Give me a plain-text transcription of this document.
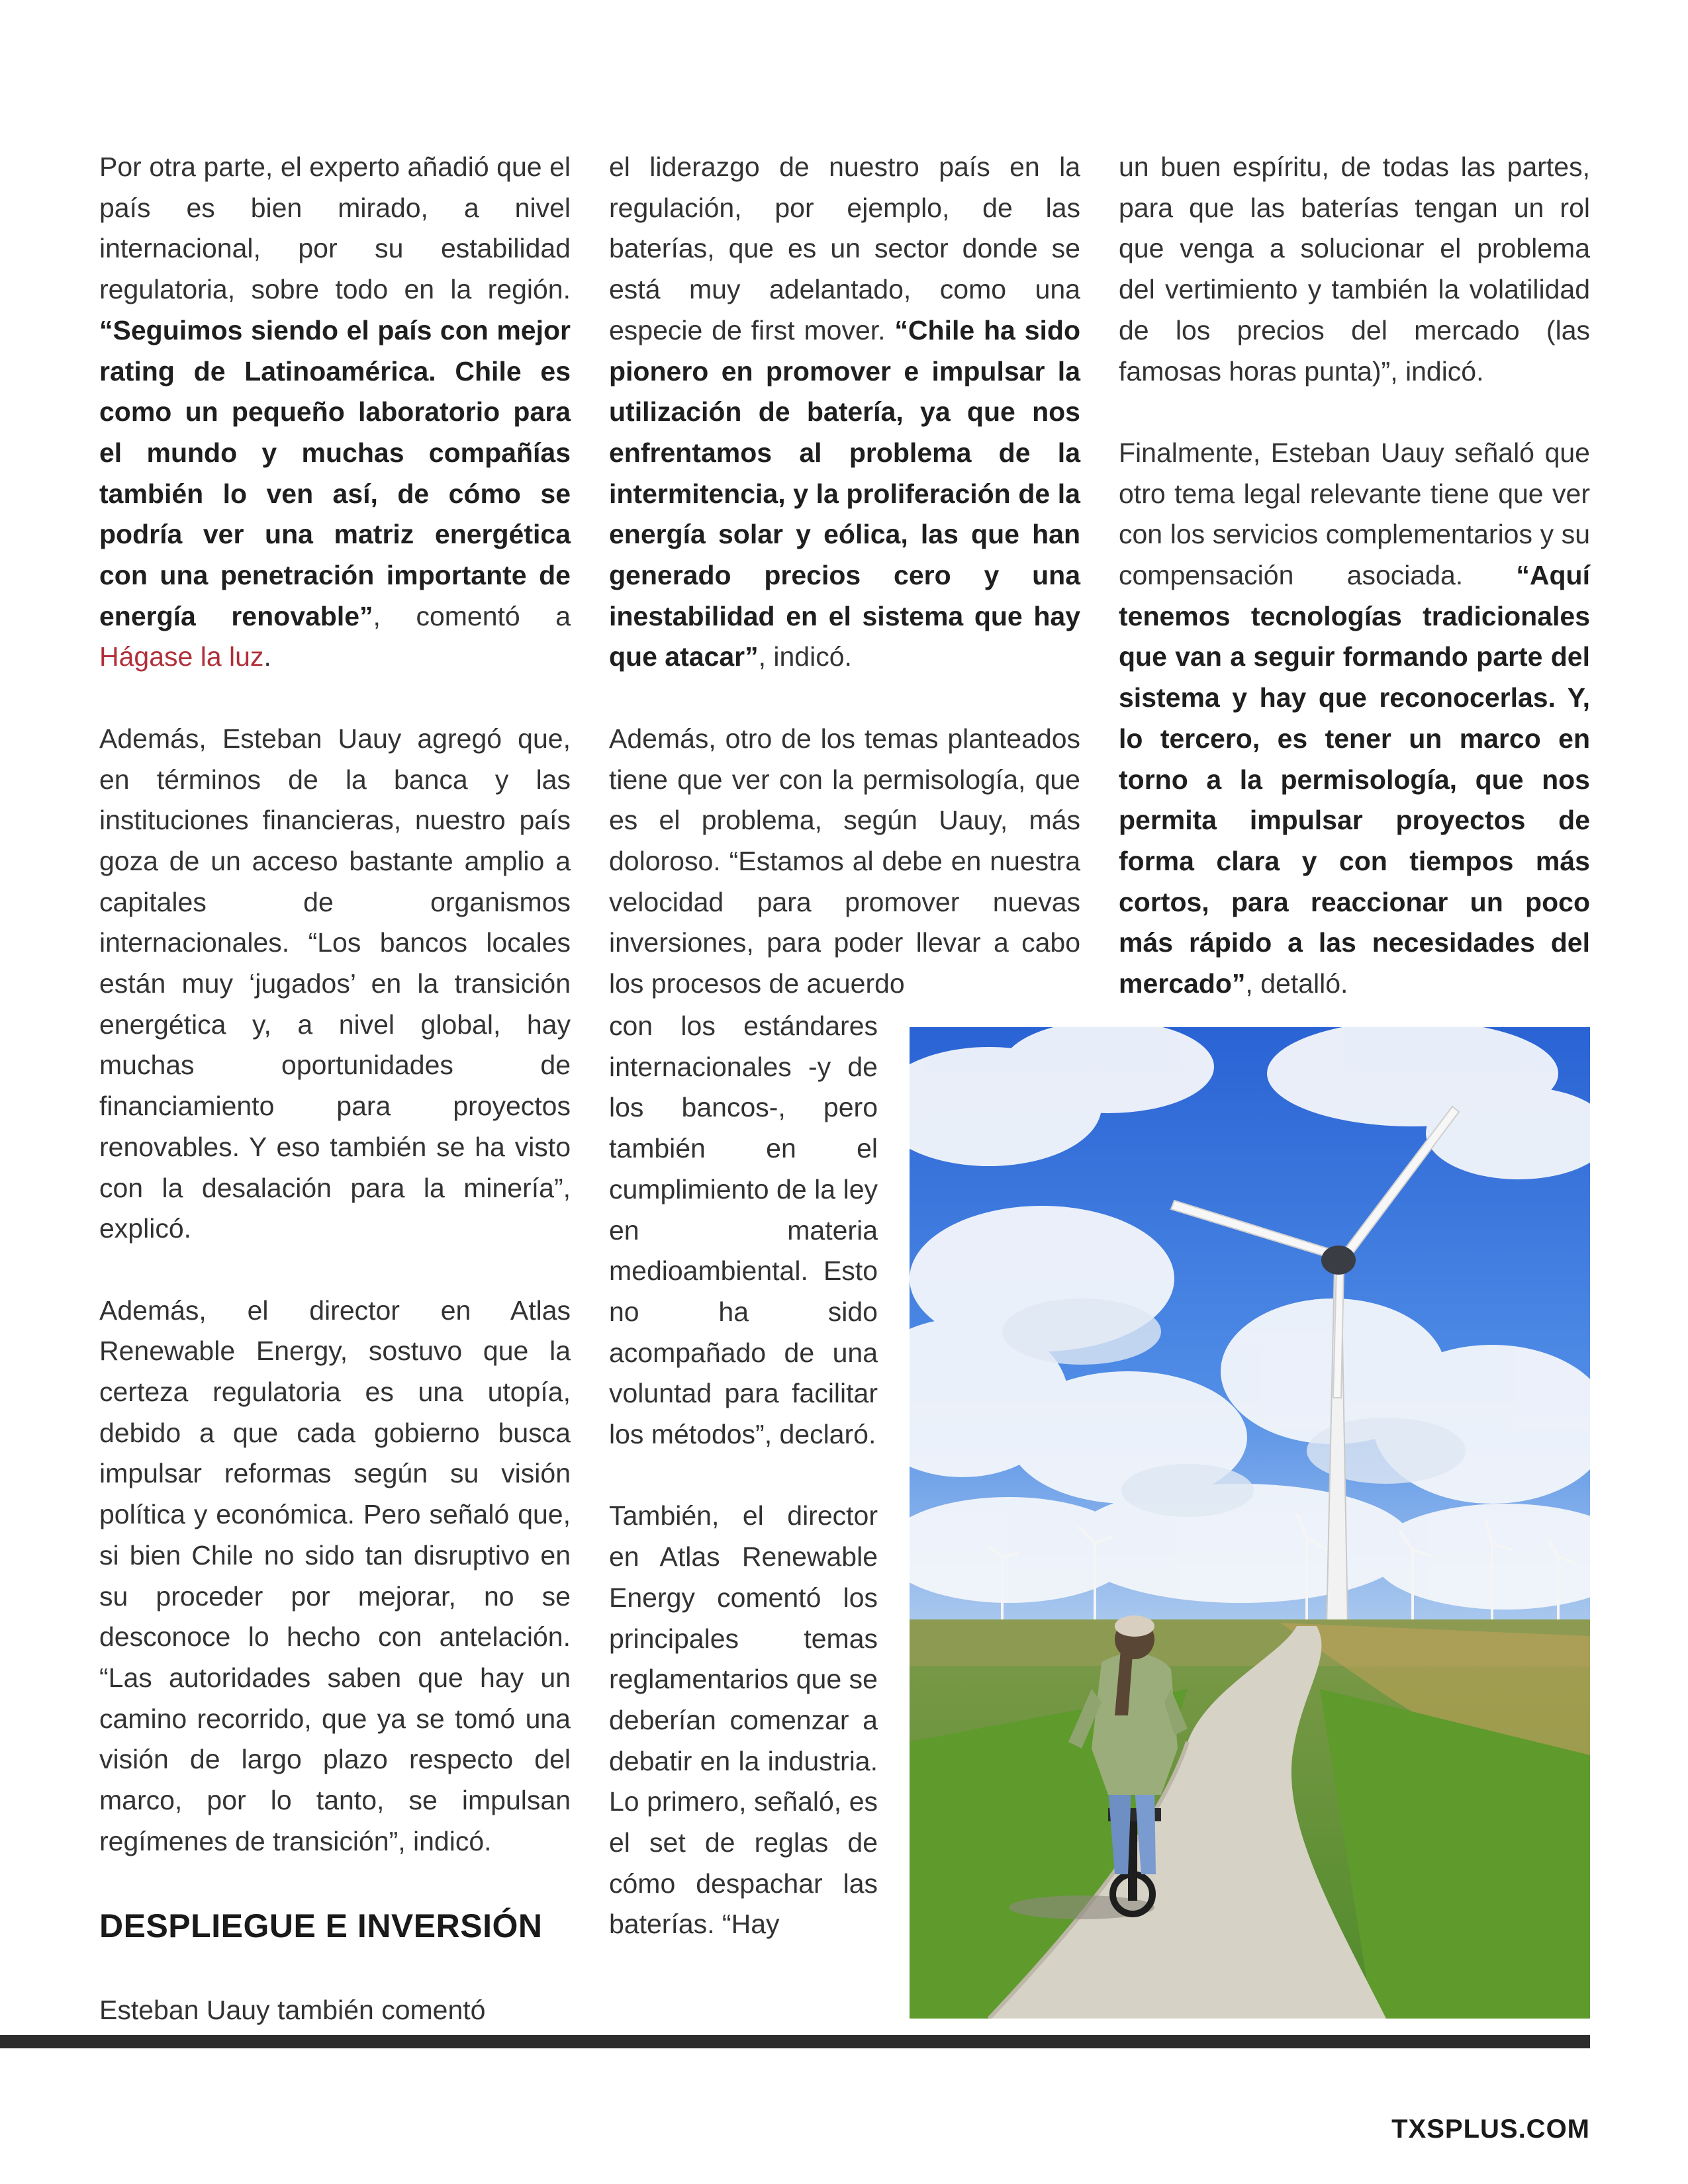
Por otra parte, el experto añadió que el país es bien mirado, a nivel internacional, por su estabilidad regulatoria, sobre todo en la región. “Seguimos siendo el país con mejor rating de Latinoamérica. Chile es como un pequeño laboratorio para el mundo y muchas compañías también lo ven así, de cómo se podría ver una matriz energética con una penetración importante de energía renovable”, comentó a Hágase la luz.

Además, Esteban Uauy agregó que, en términos de la banca y las instituciones financieras, nuestro país goza de un acceso bastante amplio a capitales de organismos internacionales. “Los bancos locales están muy ‘jugados’ en la transición energética y, a nivel global, hay muchas oportunidades de financiamiento para proyectos renovables. Y eso también se ha visto con la desalación para la minería”, explicó.

Además, el director en Atlas Renewable Energy, sostuvo que la certeza regulatoria es una utopía, debido a que cada gobierno busca impulsar reformas según su visión política y económica. Pero señaló que, si bien Chile no sido tan disruptivo en su proceder por mejorar, no se desconoce lo hecho con antelación. “Las autoridades saben que hay un camino recorrido, que ya se tomó una visión de largo plazo respecto del marco, por lo tanto, se impulsan regímenes de transición”, indicó.

DESPLIEGUE E INVERSIÓN

Esteban Uauy también comentó

el liderazgo de nuestro país en la regulación, por ejemplo, de las baterías, que es un sector donde se está muy adelantado, como una especie de first mover. “Chile ha sido pionero en promover e impulsar la utilización de batería, ya que nos enfrentamos al problema de la intermitencia, y la proliferación de la energía solar y eólica, las que han generado precios cero y una inestabilidad en el sistema que hay que atacar”, indicó.

Además, otro de los temas planteados tiene que ver con la permisología, que es el problema, según Uauy, más doloroso. “Estamos al debe en nuestra velocidad para promover nuevas inversiones, para poder llevar a cabo los procesos de acuerdo

con los estándares internacionales -y de los bancos-, pero también en el cumplimiento de la ley en materia medioambiental. Esto no ha sido acompañado de una voluntad para facilitar los métodos”, declaró.

También, el director en Atlas Renewable Energy comentó los principales temas reglamentarios que se deberían comenzar a debatir en la industria. Lo primero, señaló, es el set de reglas de cómo despachar las baterías. “Hay

un buen espíritu, de todas las partes, para que las baterías tengan un rol que venga a solucionar el problema del vertimiento y también la volatilidad de los precios del mercado (las famosas horas punta)”, indicó.

Finalmente, Esteban Uauy señaló que otro tema legal relevante tiene que ver con los servicios complementarios y su compensación asociada. “Aquí tenemos tecnologías tradicionales que van a seguir formando parte del sistema y hay que reconocerlas. Y, lo tercero, es tener un marco en torno a la permisología, que nos permita impulsar proyectos de forma clara y con tiempos más cortos, para reaccionar un poco más rápido a las necesidades del mercado”, detalló.

TXSPLUS.COM
